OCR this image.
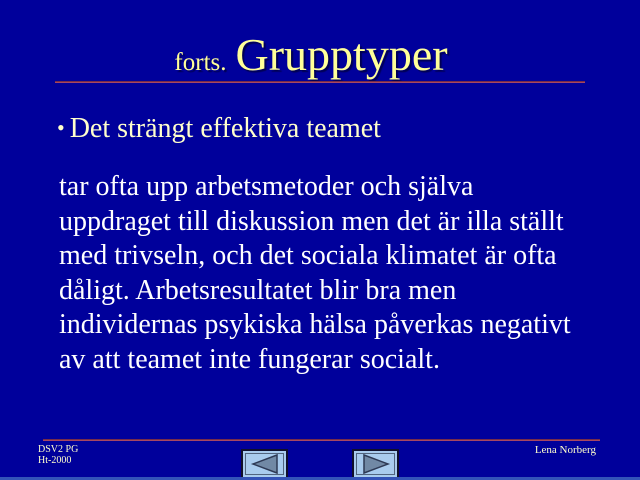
forts. Grupptyper
• Det strängt effektiva teamet
tar ofta upp arbetsmetoder och själva
uppdraget till diskussion men det är illa ställt
med trivseln, och det sociala klimatet är ofta
dåligt. Arbetsresultatet blir bra men
individernas psykiska hälsa påverkas negativt
av att teamet inte fungerar socialt.
DSV2 PG
Ht-2000
Lena Norberg
